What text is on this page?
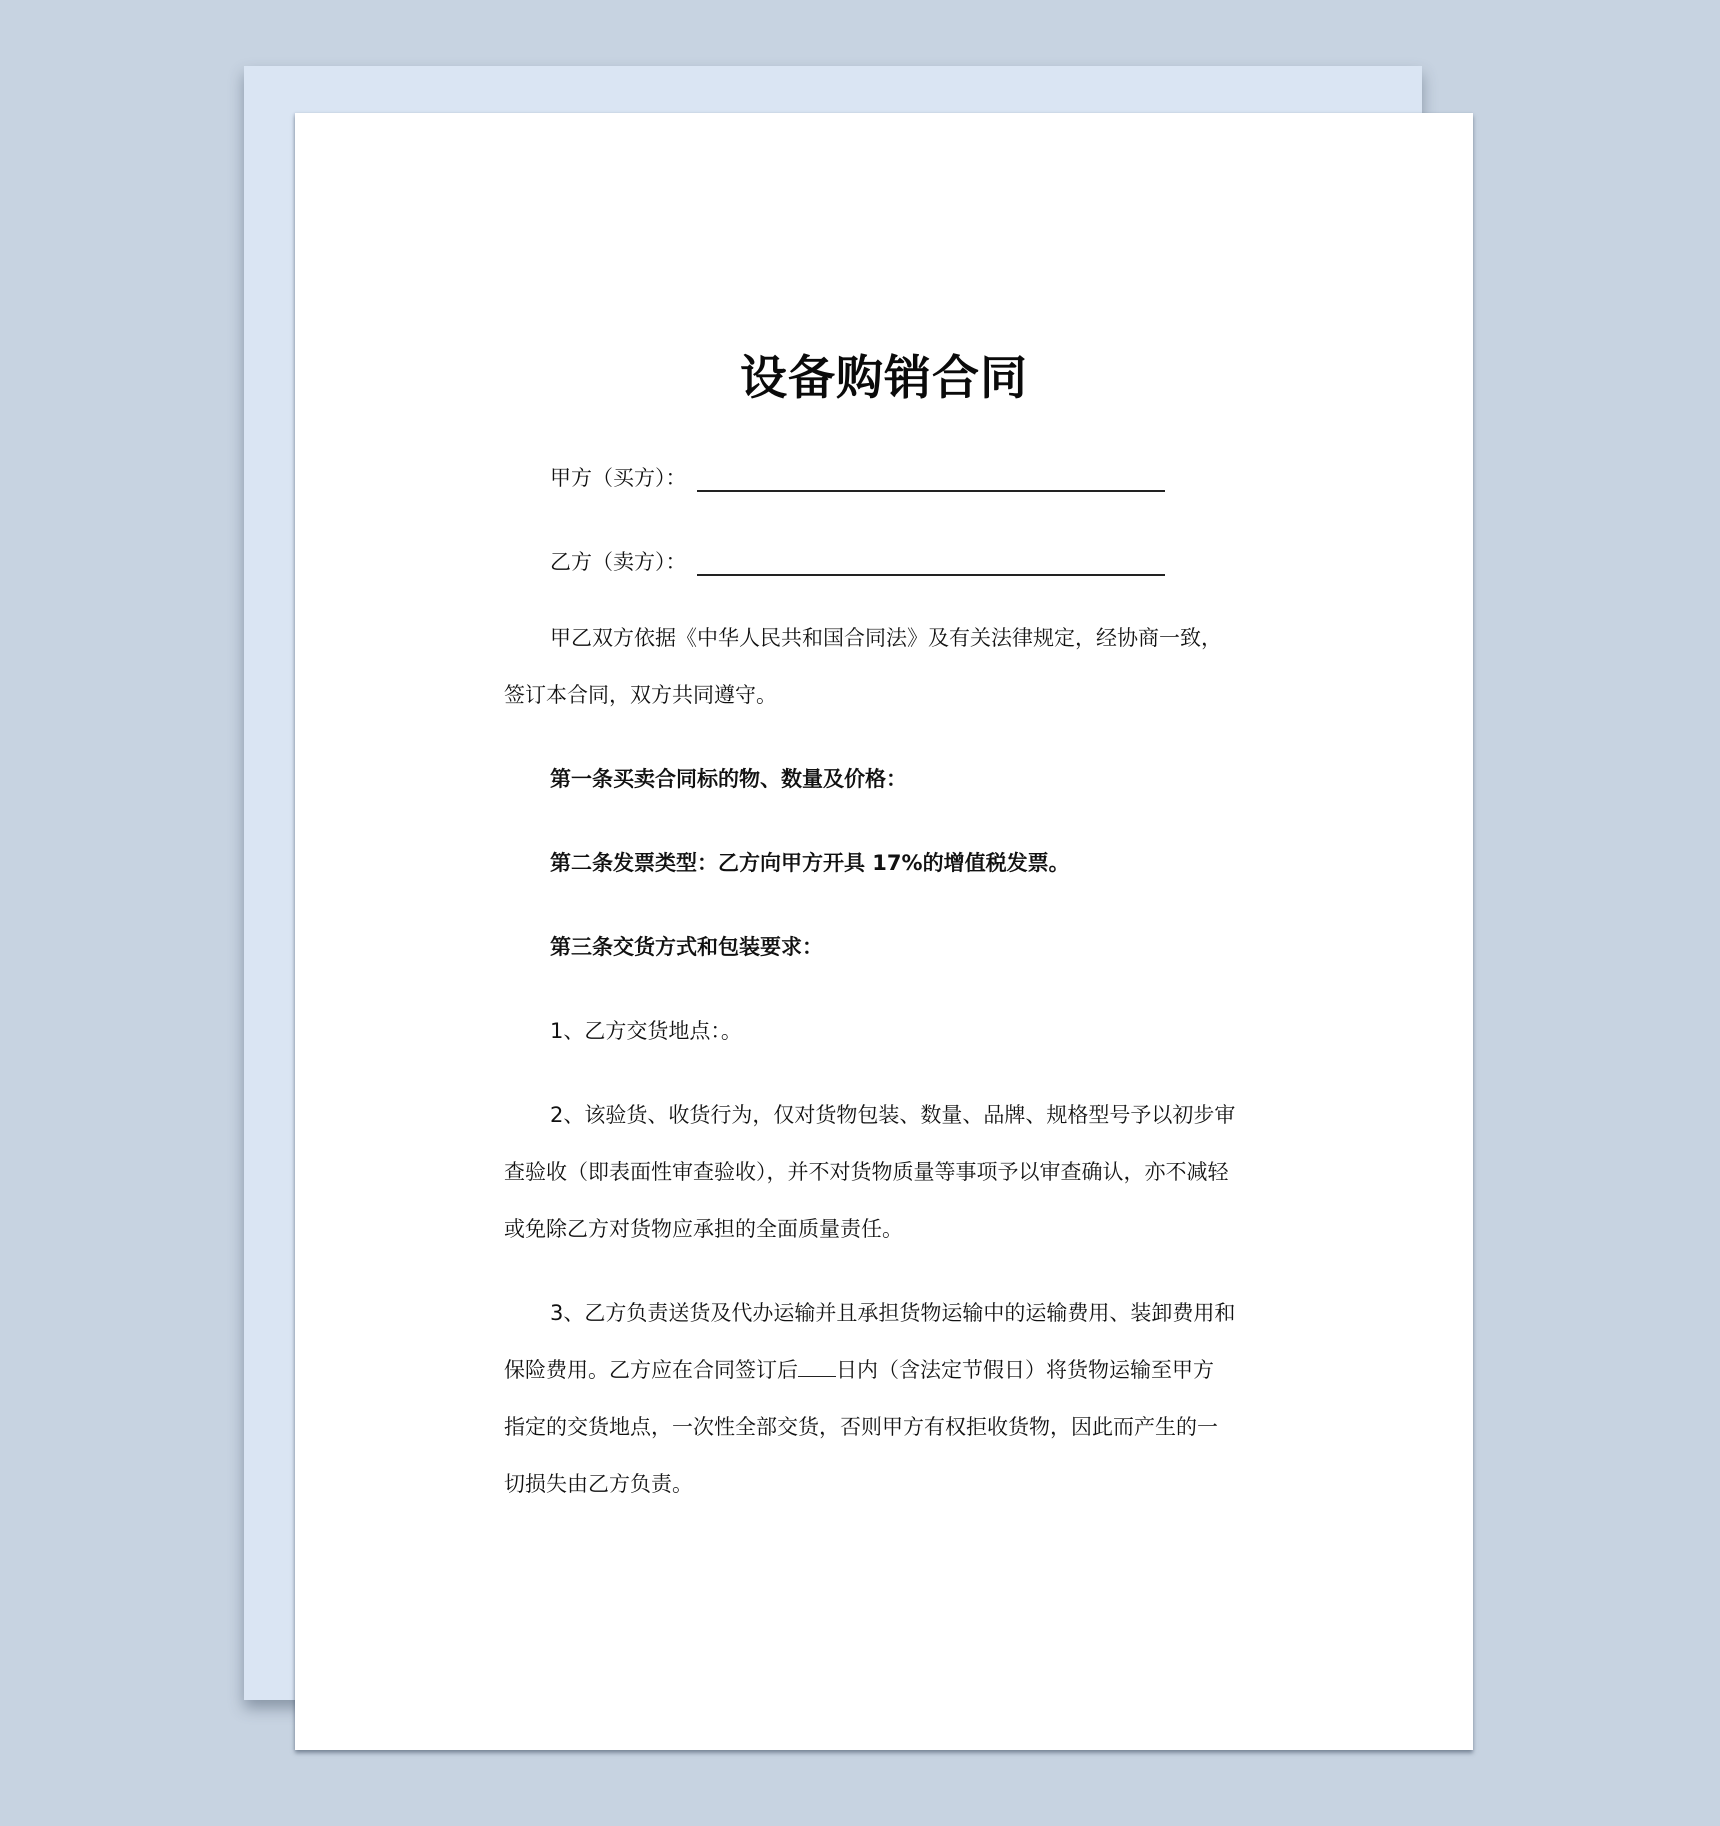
设备购销合同
甲方（买方）：
乙方（卖方）：
甲乙双方依据《中华人民共和国合同法》及有关法律规定，经协商一致，
签订本合同，双方共同遵守。
第一条买卖合同标的物、数量及价格：
第二条发票类型：乙方向甲方开具 17%的增值税发票。
第三条交货方式和包装要求：
1、乙方交货地点：。
2、该验货、收货行为，仅对货物包装、数量、品牌、规格型号予以初步审
查验收（即表面性审查验收），并不对货物质量等事项予以审查确认，亦不减轻
或免除乙方对货物应承担的全面质量责任。
3、乙方负责送货及代办运输并且承担货物运输中的运输费用、装卸费用和
保险费用。乙方应在合同签订后 日内（含法定节假日）将货物运输至甲方
指定的交货地点，一次性全部交货，否则甲方有权拒收货物，因此而产生的一
切损失由乙方负责。
